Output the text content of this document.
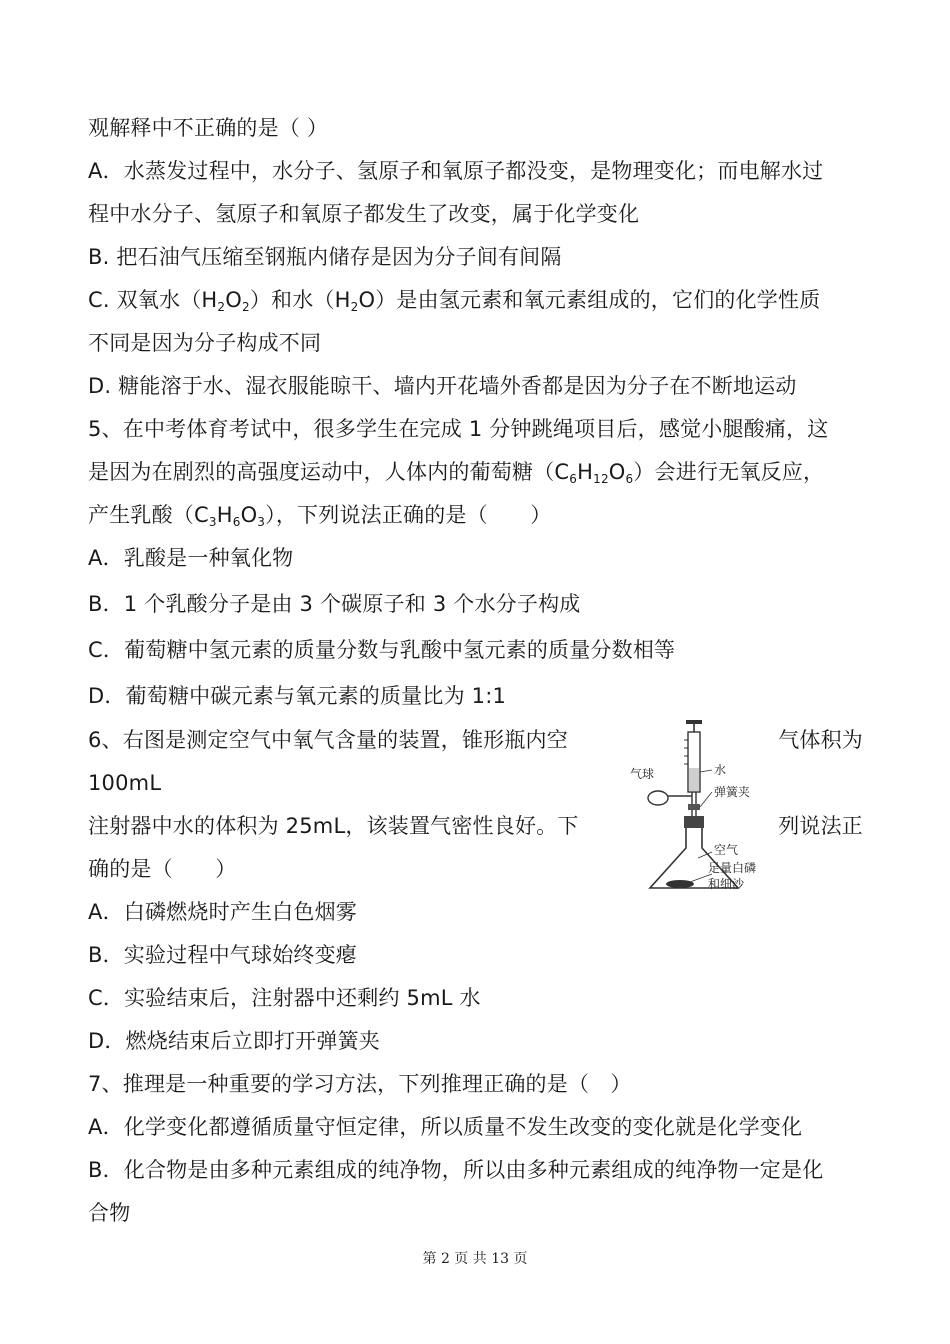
观解释中不正确的是（ ）
A．水蒸发过程中，水分子、氢原子和氧原子都没变，是物理变化；而电解水过
程中水分子、氢原子和氧原子都发生了改变，属于化学变化
B. 把石油气压缩至钢瓶内储存是因为分子间有间隔
C. 双氧水$(H_2O_2)$和水$(H_2O)$是由氢元素和氧元素组成的，它们的化学性质
不同是因为分子构成不同
D. 糖能溶于水、湿衣服能晾干、墙内开花墙外香都是因为分子在不断地运动
5、在中考体育考试中，很多学生在完成 1 分钟跳绳项目后，感觉小腿酸痛，这
是因为在剧烈的高强度运动中，人体内的葡萄糖$(C_6H_{12}O_6)$会进行无氧反应，
产生乳酸$(C_3H_6O_3)$，下列说法正确的是（　　）
A．乳酸是一种氧化物
B．1 个乳酸分子是由 3 个碳原子和 3 个水分子构成
C．葡萄糖中氢元素的质量分数与乳酸中氢元素的质量分数相等
D．葡萄糖中碳元素与氧元素的质量比为 1:1
6、右图是测定空气中氧气含量的装置，锥形瓶内空	气体积为
100mL
注射器中水的体积为 25mL，该装置气密性良好。下	列说法正
确的是（　　）
A．白磷燃烧时产生白色烟雾
B．实验过程中气球始终变瘪
C．实验结束后，注射器中还剩约 5mL 水
D．燃烧结束后立即打开弹簧夹
7、推理是一种重要的学习方法，下列推理正确的是（　）
A．化学变化都遵循质量守恒定律，所以质量不发生改变的变化就是化学变化
B．化合物是由多种元素组成的纯净物，所以由多种元素组成的纯净物一定是化
合物
气球	水
弹簧夹
空气
足量白磷
和细沙
第 2 页 共 13 页
